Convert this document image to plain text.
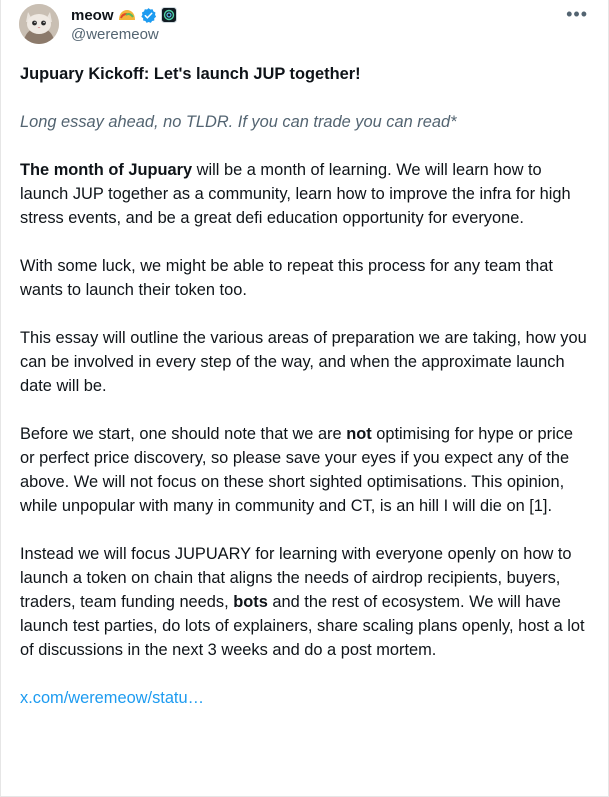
meow
@weremeow
•••

Jupuary Kickoff: Let's launch JUP together!

Long essay ahead, no TLDR. If you can trade you can read*

The month of Jupuary will be a month of learning. We will learn how to launch JUP together as a community, learn how to improve the infra for high stress events, and be a great defi education opportunity for everyone.

With some luck, we might be able to repeat this process for any team that wants to launch their token too.

This essay will outline the various areas of preparation we are taking, how you can be involved in every step of the way, and when the approximate launch date will be.

Before we start, one should note that we are not optimising for hype or price or perfect price discovery, so please save your eyes if you expect any of the above. We will not focus on these short sighted optimisations. This opinion, while unpopular with many in community and CT, is an hill I will die on [1].

Instead we will focus JUPUARY for learning with everyone openly on how to launch a token on chain that aligns the needs of airdrop recipients, buyers, traders, team funding needs, bots and the rest of ecosystem. We will have launch test parties, do lots of explainers, share scaling plans openly, host a lot of discussions in the next 3 weeks and do a post mortem.

x.com/weremeow/statu…
